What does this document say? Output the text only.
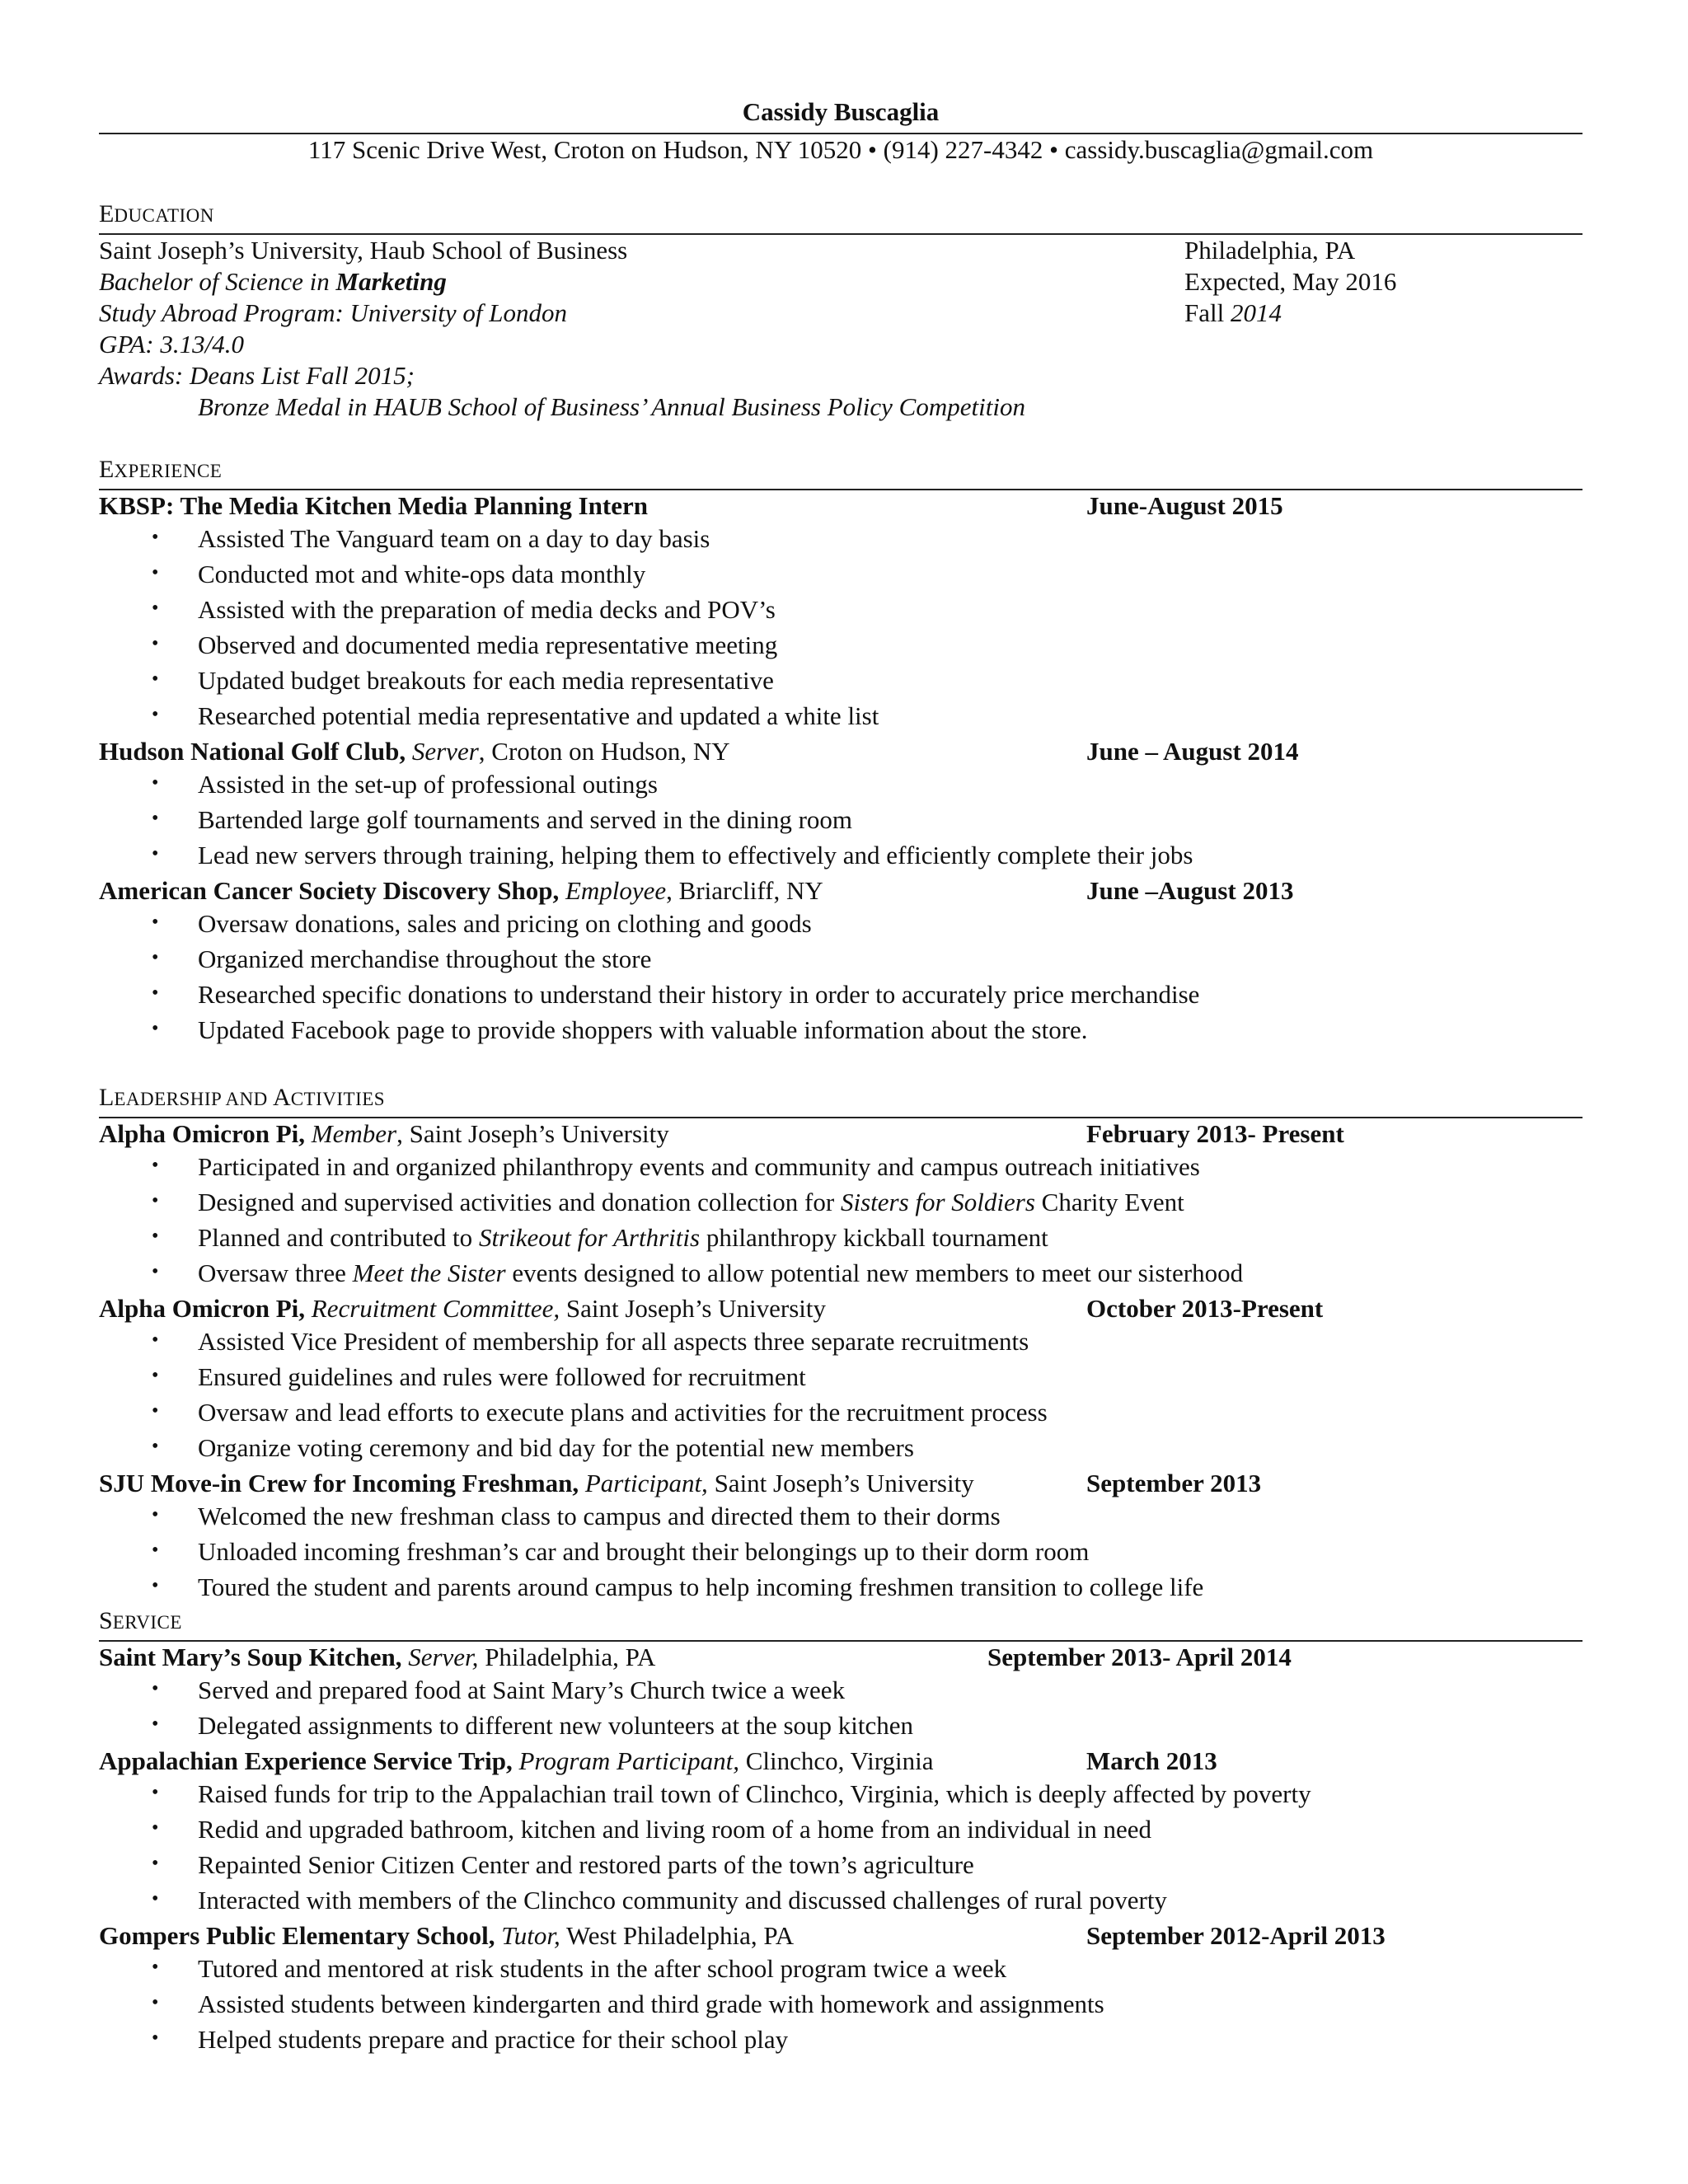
Cassidy Buscaglia
117 Scenic Drive West, Croton on Hudson, NY 10520 • (914) 227-4342 • cassidy.buscaglia@gmail.com
EDUCATION
Saint Joseph’s University, Haub School of Business	Philadelphia, PA
Bachelor of Science in Marketing	Expected, May 2016
Study Abroad Program: University of London	Fall 2014
GPA: 3.13/4.0
Awards: Deans List Fall 2015;
Bronze Medal in HAUB School of Business’ Annual Business Policy Competition
EXPERIENCE
KBSP: The Media Kitchen Media Planning Intern	June-August 2015
• Assisted The Vanguard team on a day to day basis
• Conducted mot and white-ops data monthly
• Assisted with the preparation of media decks and POV’s
• Observed and documented media representative meeting
• Updated budget breakouts for each media representative
• Researched potential media representative and updated a white list
Hudson National Golf Club, Server, Croton on Hudson, NY	June – August 2014
• Assisted in the set-up of professional outings
• Bartended large golf tournaments and served in the dining room
• Lead new servers through training, helping them to effectively and efficiently complete their jobs
American Cancer Society Discovery Shop, Employee, Briarcliff, NY	June –August 2013
• Oversaw donations, sales and pricing on clothing and goods
• Organized merchandise throughout the store
• Researched specific donations to understand their history in order to accurately price merchandise
• Updated Facebook page to provide shoppers with valuable information about the store.
LEADERSHIP AND ACTIVITIES
Alpha Omicron Pi, Member, Saint Joseph’s University	February 2013- Present
• Participated in and organized philanthropy events and community and campus outreach initiatives
• Designed and supervised activities and donation collection for Sisters for Soldiers Charity Event
• Planned and contributed to Strikeout for Arthritis philanthropy kickball tournament
• Oversaw three Meet the Sister events designed to allow potential new members to meet our sisterhood
Alpha Omicron Pi, Recruitment Committee, Saint Joseph’s University	October 2013-Present
• Assisted Vice President of membership for all aspects three separate recruitments
• Ensured guidelines and rules were followed for recruitment
• Oversaw and lead efforts to execute plans and activities for the recruitment process
• Organize voting ceremony and bid day for the potential new members
SJU Move-in Crew for Incoming Freshman, Participant, Saint Joseph’s University	September 2013
• Welcomed the new freshman class to campus and directed them to their dorms
• Unloaded incoming freshman’s car and brought their belongings up to their dorm room
• Toured the student and parents around campus to help incoming freshmen transition to college life
SERVICE
Saint Mary’s Soup Kitchen, Server, Philadelphia, PA	September 2013- April 2014
• Served and prepared food at Saint Mary’s Church twice a week
• Delegated assignments to different new volunteers at the soup kitchen
Appalachian Experience Service Trip, Program Participant, Clinchco, Virginia	March 2013
• Raised funds for trip to the Appalachian trail town of Clinchco, Virginia, which is deeply affected by poverty
• Redid and upgraded bathroom, kitchen and living room of a home from an individual in need
• Repainted Senior Citizen Center and restored parts of the town’s agriculture
• Interacted with members of the Clinchco community and discussed challenges of rural poverty
Gompers Public Elementary School, Tutor, West Philadelphia, PA	September 2012-April 2013
• Tutored and mentored at risk students in the after school program twice a week
• Assisted students between kindergarten and third grade with homework and assignments
• Helped students prepare and practice for their school play
